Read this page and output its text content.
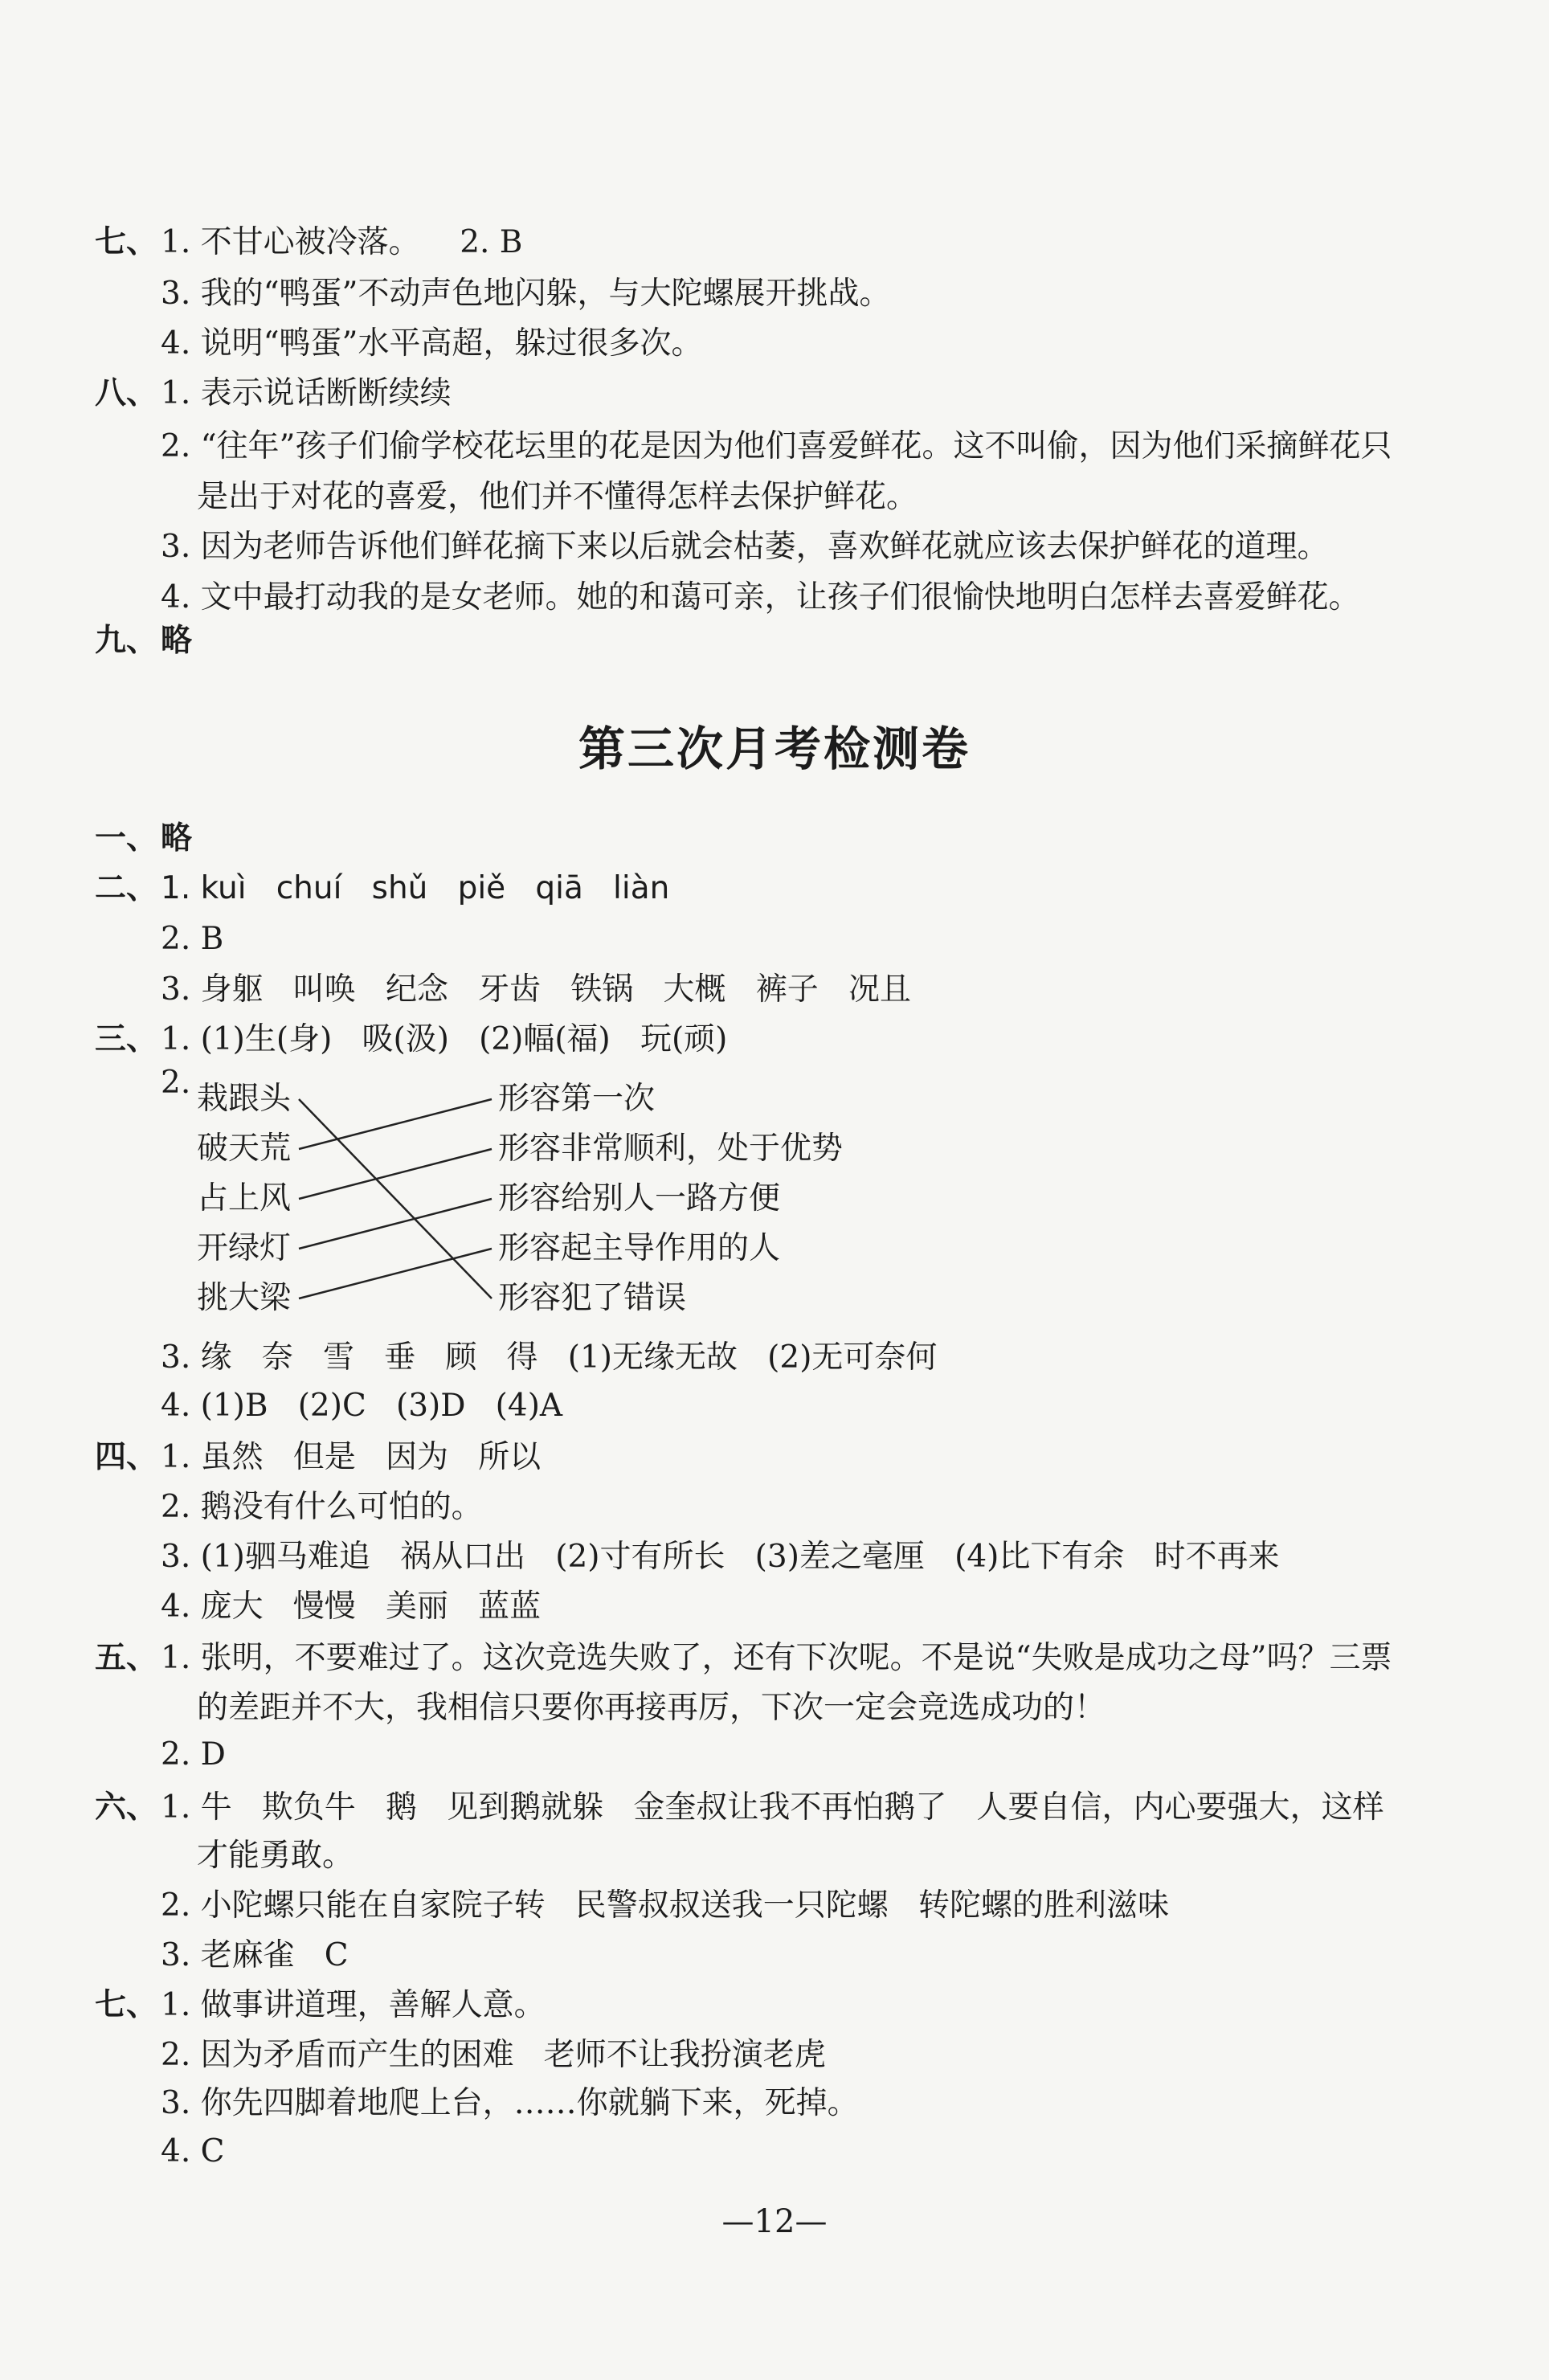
七、 1. 不甘心被冷落。    2. B
3. 我的“鸭蛋”不动声色地闪躲，与大陀螺展开挑战。
4. 说明“鸭蛋”水平高超，躲过很多次。
八、 1. 表示说话断断续续
2. “往年”孩子们偷学校花坛里的花是因为他们喜爱鲜花。这不叫偷，因为他们采摘鲜花只
是出于对花的喜爱，他们并不懂得怎样去保护鲜花。
3. 因为老师告诉他们鲜花摘下来以后就会枯萎，喜欢鲜花就应该去保护鲜花的道理。
4. 文中最打动我的是女老师。她的和蔼可亲，让孩子们很愉快地明白怎样去喜爱鲜花。
九、 略
第三次月考检测卷
一、 略
二、 1. kuì   chuí   shǔ   piě   qiā   liàn
2. B
3. 身躯   叫唤   纪念   牙齿   铁锅   大概   裤子   况且
三、 1. (1)生(身)   吸(汲)   (2)幅(福)   玩(顽)
2. 栽跟头
破天荒
占上风
开绿灯
挑大梁
形容第一次
形容非常顺利，处于优势
形容给别人一路方便
形容起主导作用的人
形容犯了错误
3. 缘   奈   雪   垂   顾   得   (1)无缘无故   (2)无可奈何
4. (1)B   (2)C   (3)D   (4)A
四、 1. 虽然   但是   因为   所以
2. 鹅没有什么可怕的。
3. (1)驷马难追   祸从口出   (2)寸有所长   (3)差之毫厘   (4)比下有余   时不再来
4. 庞大   慢慢   美丽   蓝蓝
五、 1. 张明，不要难过了。这次竞选失败了，还有下次呢。不是说“失败是成功之母”吗？三票
的差距并不大，我相信只要你再接再厉，下次一定会竞选成功的！
2. D
六、 1. 牛   欺负牛   鹅   见到鹅就躲   金奎叔让我不再怕鹅了   人要自信，内心要强大，这样
才能勇敢。
2. 小陀螺只能在自家院子转   民警叔叔送我一只陀螺   转陀螺的胜利滋味
3. 老麻雀   C
七、 1. 做事讲道理，善解人意。
2. 因为矛盾而产生的困难   老师不让我扮演老虎
3. 你先四脚着地爬上台，……你就躺下来，死掉。
4. C
—12—
